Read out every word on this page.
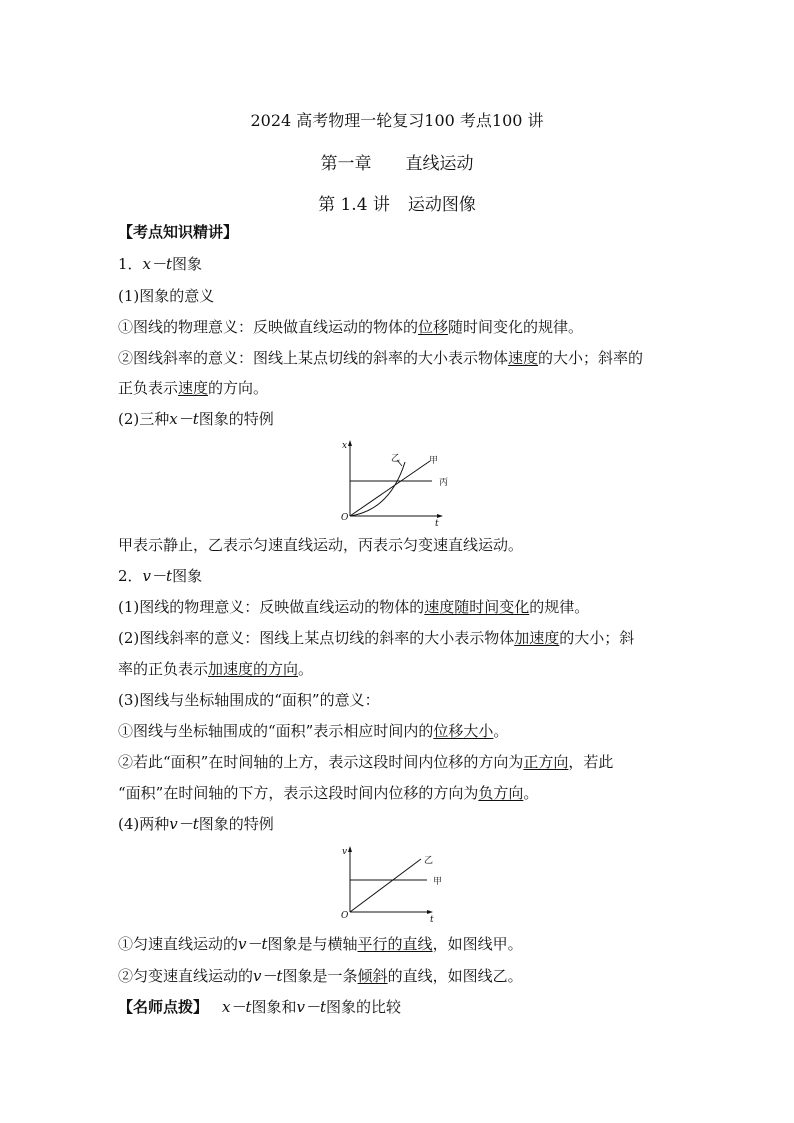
2024 高考物理一轮复习100 考点100 讲
第一章 直线运动
第 1.4 讲 运动图像
【考点知识精讲】
1．x－t图象
(1)图象的意义
①图线的物理意义：反映做直线运动的物体的位移随时间变化的规律。
②图线斜率的意义：图线上某点切线的斜率的大小表示物体速度的大小；斜率的
正负表示速度的方向。
(2)三种x－t图象的特例
x
t
O
甲
乙
丙
甲表示静止，乙表示匀速直线运动，丙表示匀变速直线运动。
2．v－t图象
(1)图线的物理意义：反映做直线运动的物体的速度随时间变化的规律。
(2)图线斜率的意义：图线上某点切线的斜率的大小表示物体加速度的大小；斜
率的正负表示加速度的方向。
(3)图线与坐标轴围成的“面积”的意义：
①图线与坐标轴围成的“面积”表示相应时间内的位移大小。
②若此“面积”在时间轴的上方，表示这段时间内位移的方向为正方向，若此
“面积”在时间轴的下方，表示这段时间内位移的方向为负方向。
(4)两种v－t图象的特例
v
t
O
甲
乙
①匀速直线运动的v－t图象是与横轴平行的直线，如图线甲。
②匀变速直线运动的v－t图象是一条倾斜的直线，如图线乙。
【名师点拨】 x－t图象和v－t图象的比较
